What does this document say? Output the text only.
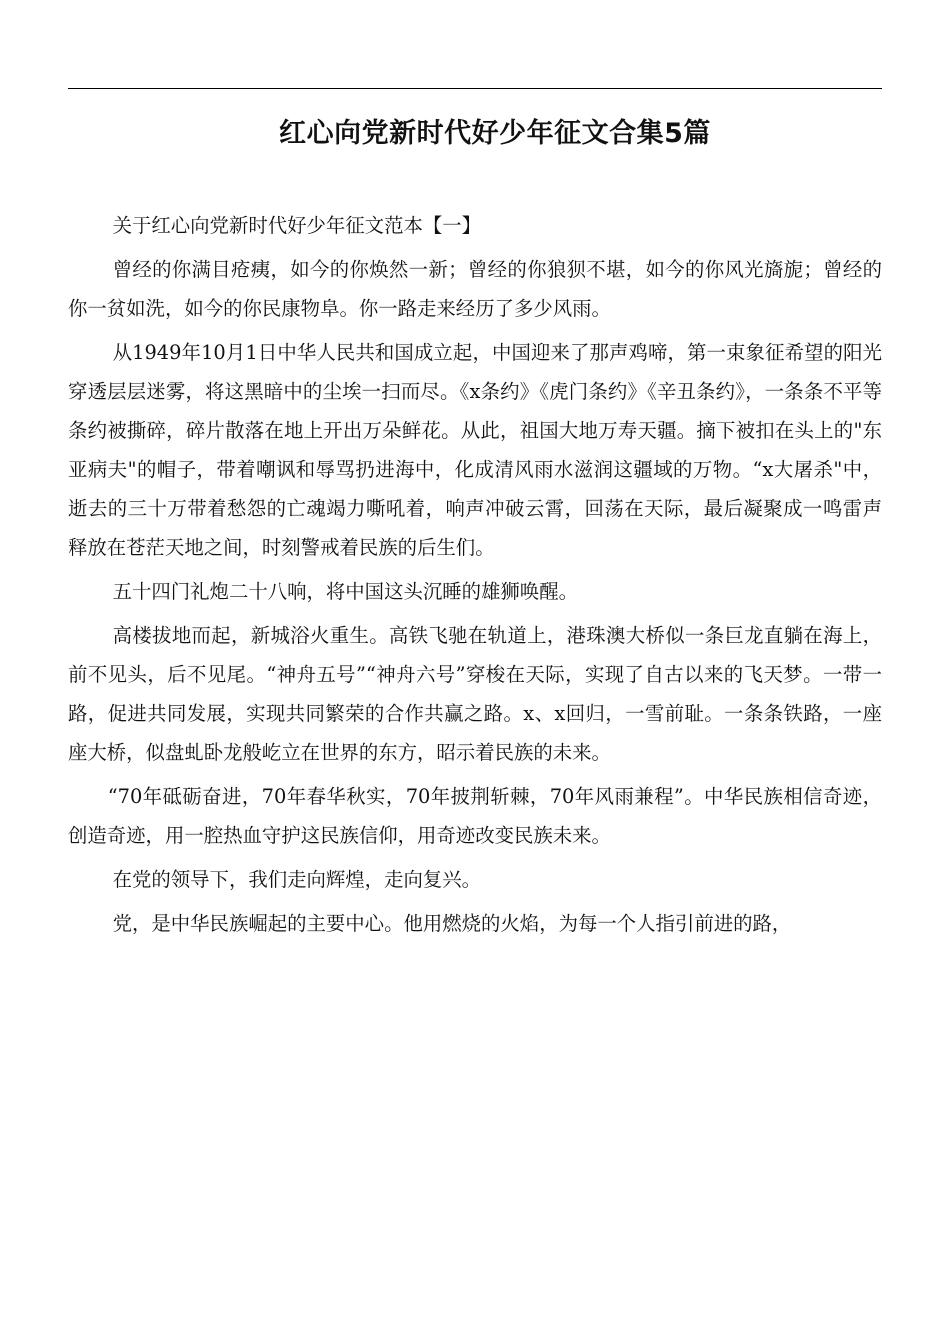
红心向党新时代好少年征文合集5篇

关于红心向党新时代好少年征文范本【一】

曾经的你满目疮痍，如今的你焕然一新；曾经的你狼狈不堪，如今的你风光旖旎；曾经的你一贫如洗，如今的你民康物阜。你一路走来经历了多少风雨。

从1949年10月1日中华人民共和国成立起，中国迎来了那声鸡啼，第一束象征希望的阳光穿透层层迷雾，将这黑暗中的尘埃一扫而尽。《x条约》《虎门条约》《辛丑条约》，一条条不平等条约被撕碎，碎片散落在地上开出万朵鲜花。从此，祖国大地万寿天疆。摘下被扣在头上的"东亚病夫"的帽子，带着嘲讽和辱骂扔进海中，化成清风雨水滋润这疆域的万物。“x大屠杀"中，逝去的三十万带着愁怨的亡魂竭力嘶吼着，响声冲破云霄，回荡在天际，最后凝聚成一鸣雷声释放在苍茫天地之间，时刻警戒着民族的后生们。

五十四门礼炮二十八响，将中国这头沉睡的雄狮唤醒。

高楼拔地而起，新城浴火重生。高铁飞驰在轨道上，港珠澳大桥似一条巨龙直躺在海上，前不见头，后不见尾。“神舟五号”“神舟六号”穿梭在天际，实现了自古以来的飞天梦。一带一路，促进共同发展，实现共同繁荣的合作共赢之路。x、x回归，一雪前耻。一条条铁路，一座座大桥，似盘虬卧龙般屹立在世界的东方，昭示着民族的未来。

“70年砥砺奋进，70年春华秋实，70年披荆斩棘，70年风雨兼程”。中华民族相信奇迹，创造奇迹，用一腔热血守护这民族信仰，用奇迹改变民族未来。

在党的领导下，我们走向辉煌，走向复兴。

党，是中华民族崛起的主要中心。他用燃烧的火焰，为每一个人指引前进的路，
